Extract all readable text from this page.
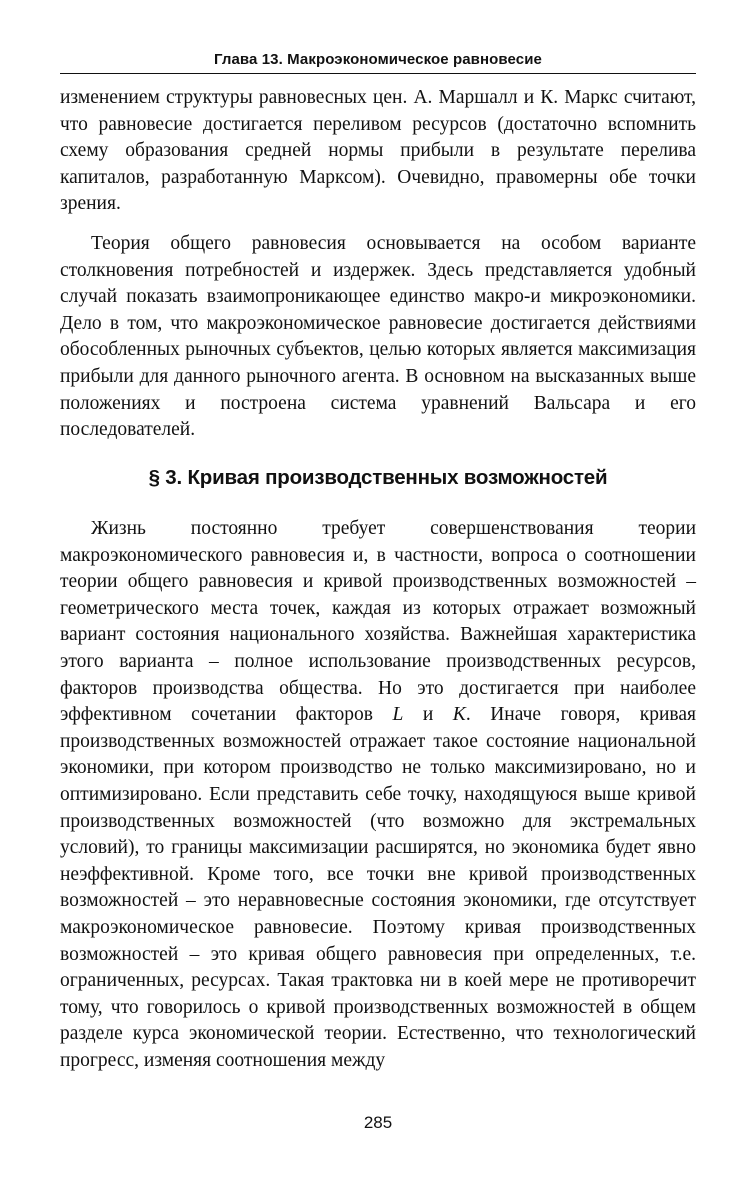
Глава 13. Макроэкономическое равновесие

изменением структуры равновесных цен. А. Маршалл и К. Маркс считают, что равновесие достигается переливом ресурсов (достаточно вспомнить схему образования средней нормы прибыли в результате перелива капиталов, разработанную Марксом). Очевидно, правомерны обе точки зрения.

Теория общего равновесия основывается на особом варианте столкновения потребностей и издержек. Здесь представляется удобный случай показать взаимопроникающее единство макро-и микроэкономики. Дело в том, что макроэкономическое равновесие достигается действиями обособленных рыночных субъектов, целью которых является максимизация прибыли для данного рыночного агента. В основном на высказанных выше положениях и построена система уравнений Вальсара и его последователей.

§ 3. Кривая производственных возможностей

Жизнь постоянно требует совершенствования теории макроэкономического равновесия и, в частности, вопроса о соотношении теории общего равновесия и кривой производственных возможностей – геометрического места точек, каждая из которых отражает возможный вариант состояния национального хозяйства. Важнейшая характеристика этого варианта – полное использование производственных ресурсов, факторов производства общества. Но это достигается при наиболее эффективном сочетании факторов L и K. Иначе говоря, кривая производственных возможностей отражает такое состояние национальной экономики, при котором производство не только максимизировано, но и оптимизировано. Если представить себе точку, находящуюся выше кривой производственных возможностей (что возможно для экстремальных условий), то границы максимизации расширятся, но экономика будет явно неэффективной. Кроме того, все точки вне кривой производственных возможностей – это неравновесные состояния экономики, где отсутствует макроэкономическое равновесие. Поэтому кривая производственных возможностей – это кривая общего равновесия при определенных, т.е. ограниченных, ресурсах. Такая трактовка ни в коей мере не противоречит тому, что говорилось о кривой производственных возможностей в общем разделе курса экономической теории. Естественно, что технологический прогресс, изменяя соотношения между

285
